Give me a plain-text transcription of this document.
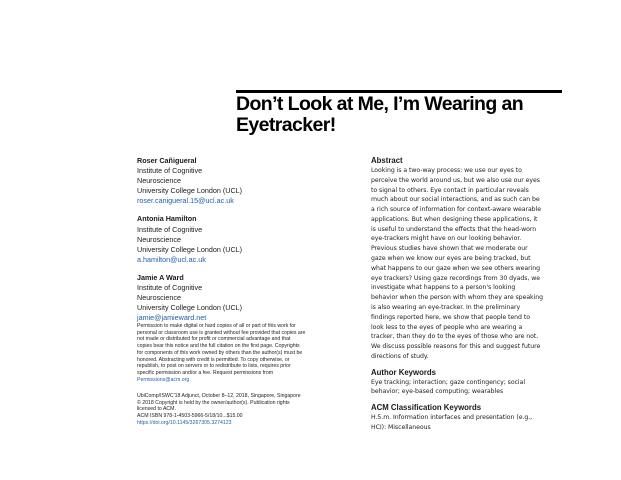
Don’t Look at Me, I’m Wearing an
Eyetracker!
Roser Cañigueral
Institute of Cognitive
Neuroscience
University College London (UCL)
roser.canigueral.15@ucl.ac.uk
Antonia Hamilton
Institute of Cognitive
Neuroscience
University College London (UCL)
a.hamilton@ucl.ac.uk
Jamie A Ward
Institute of Cognitive
Neuroscience
University College London (UCL)
jamie@jamieward.net
Permission to make digital or hard copies of all or part of this work for
personal or classroom use is granted without fee provided that copies are
not made or distributed for profit or commercial advantage and that
copies bear this notice and the full citation on the first page. Copyrights
for components of this work owned by others than the author(s) must be
honored. Abstracting with credit is permitted. To copy otherwise, or
republish, to post on servers or to redistribute to lists, requires prior
specific permission and/or a fee. Request permissions from
Permissions@acm.org.
UbiComp/ISWC'18 Adjunct, October 8–12, 2018, Singapore, Singapore
© 2018 Copyright is held by the owner/author(s). Publication rights
licensed to ACM.
ACM ISBN 978-1-4503-5966-5/18/10...$15.00
https://doi.org/10.1145/3267305.3274123
Abstract
Looking is a two-way process: we use our eyes to
perceive the world around us, but we also use our eyes
to signal to others. Eye contact in particular reveals
much about our social interactions, and as such can be
a rich source of information for context-aware wearable
applications. But when designing these applications, it
is useful to understand the effects that the head-worn
eye-trackers might have on our looking behavior.
Previous studies have shown that we moderate our
gaze when we know our eyes are being tracked, but
what happens to our gaze when we see others wearing
eye trackers? Using gaze recordings from 30 dyads, we
investigate what happens to a person's looking
behavior when the person with whom they are speaking
is also wearing an eye-tracker. In the preliminary
findings reported here, we show that people tend to
look less to the eyes of people who are wearing a
tracker, than they do to the eyes of those who are not.
We discuss possible reasons for this and suggest future
directions of study.
Author Keywords
Eye tracking; interaction; gaze contingency; social
behavior; eye-based computing; wearables
ACM Classification Keywords
H.5.m. Information interfaces and presentation (e.g.,
HCI): Miscellaneous
